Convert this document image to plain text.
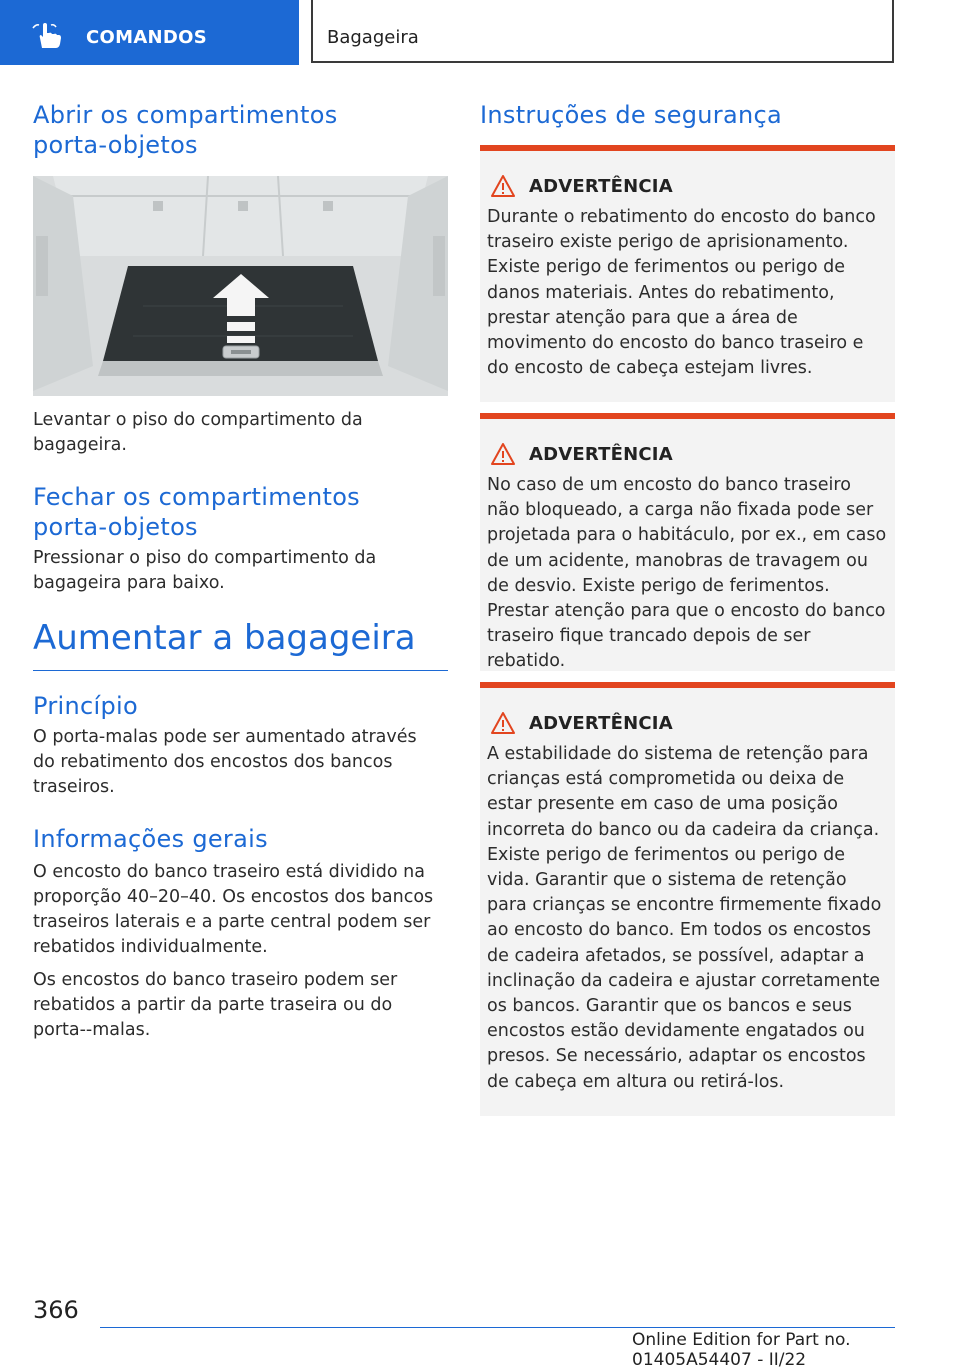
COMANDOS	Bagageira
Abrir os compartimentos porta-objetos

Levantar o piso do compartimento da bagageira.

Fechar os compartimentos porta-objetos

Pressionar o piso do compartimento da bagageira para baixo.

Aumentar a bagageira
Princípio

O porta-malas pode ser aumentado através do rebatimento dos encostos dos bancos traseiros.

Informações gerais

O encosto do banco traseiro está dividido na proporção 40–20–40. Os encostos dos bancos traseiros laterais e a parte central podem ser rebatidos individualmente.

Os encostos do banco traseiro podem ser rebatidos a partir da parte traseira ou do porta--malas.

Instruções de segurança
ADVERTÊNCIA

Durante o rebatimento do encosto do banco traseiro existe perigo de aprisionamento. Existe perigo de ferimentos ou perigo de danos materiais. Antes do rebatimento, prestar atenção para que a área de movimento do encosto do banco traseiro e do encosto de cabeça estejam livres.

ADVERTÊNCIA

No caso de um encosto do banco traseiro não bloqueado, a carga não fixada pode ser projetada para o habitáculo, por ex., em caso de um acidente, manobras de travagem ou de desvio. Existe perigo de ferimentos. Prestar atenção para que o encosto do banco traseiro fique trancado depois de ser rebatido.

ADVERTÊNCIA

A estabilidade do sistema de retenção para crianças está comprometida ou deixa de estar presente em caso de uma posição incorreta do banco ou da cadeira da criança. Existe perigo de ferimentos ou perigo de vida. Garantir que o sistema de retenção para crianças se encontre firmemente fixado ao encosto do banco. Em todos os encostos de cadeira afetados, se possível, adaptar a inclinação da cadeira e ajustar corretamente os bancos. Garantir que os bancos e seus encostos estão devidamente engatados ou presos. Se necessário, adaptar os encostos de cabeça em altura ou retirá-los.

366
Online Edition for Part no. 01405A54407 - II/22
